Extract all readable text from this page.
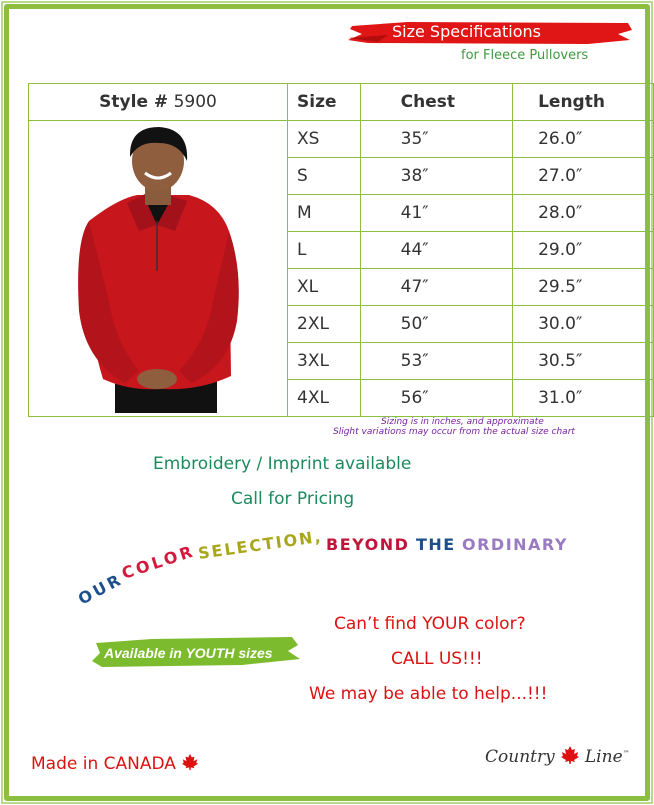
Size Specifications
for Fleece Pullovers
Style # 5900	Size	Chest	Length

	XS	35″	26.0″
	S	38″	27.0″
	M	41″	28.0″
	L	44″	29.0″
	XL	47″	29.5″
	2XL	50″	30.0″
	3XL	53″	30.5″
	4XL	56″	31.0″
Sizing is in inches, and approximate
Slight variations may occur from the actual size chart
Embroidery / Imprint available
Call for Pricing
OUR
COLOR SELECTION, BEYOND THE ORDINARY
Available in YOUTH sizes
Can’t find YOUR color?
CALL US!!!
We may be able to help...!!!
Made in CANADA	Country Line™
